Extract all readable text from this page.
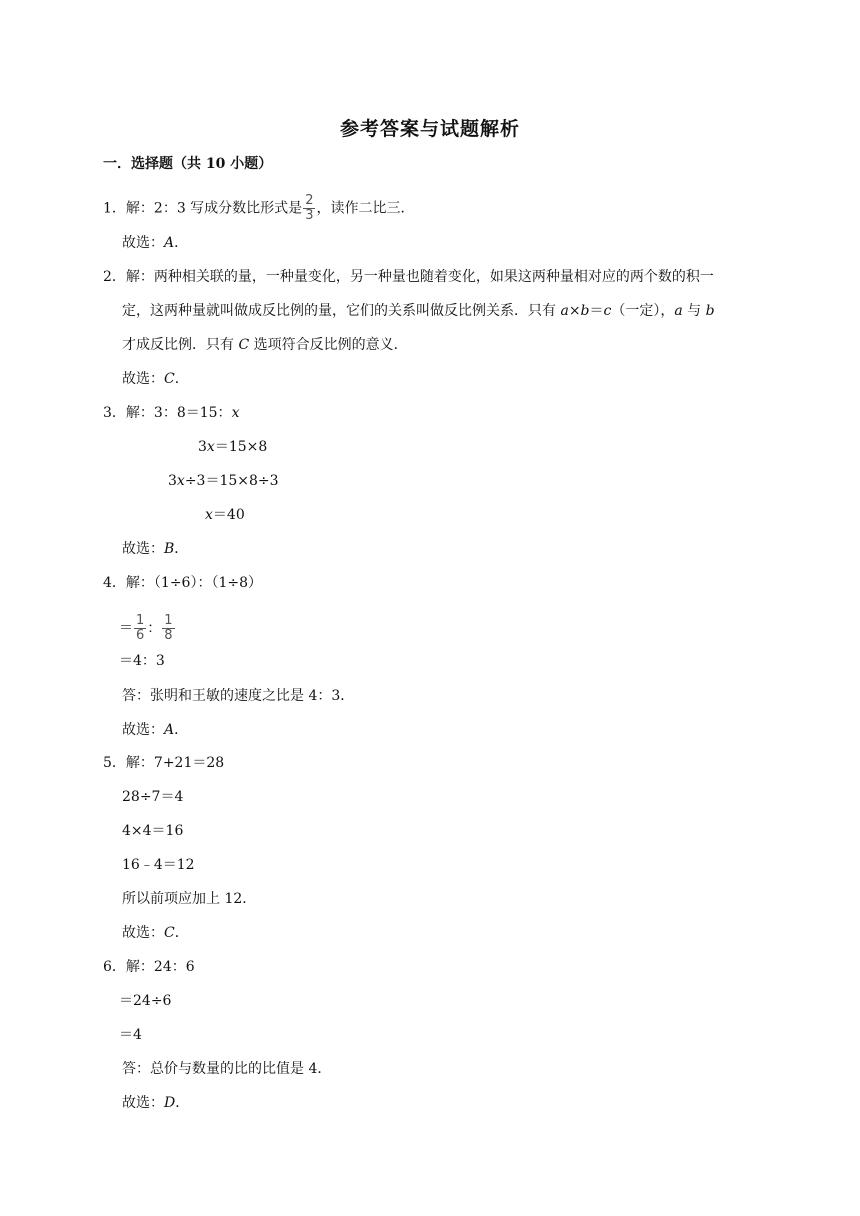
参考答案与试题解析
一．选择题（共 10 小题）
1．解：2：3 写成分数比形式是 $\frac{2}{3}$ ，读作二比三．
故选：A．
2．解：两种相关联的量，一种量变化，另一种量也随着变化，如果这两种量相对应的两个数的积一
定，这两种量就叫做成反比例的量，它们的关系叫做反比例关系．只有 a×b＝c（一定），a 与 b
才成反比例．只有 C 选项符合反比例的意义．
故选：C．
3．解：3：8＝15：x
3x＝15×8
3x÷3＝15×8÷3
x＝40
故选：B．
4．解：（1÷6）：（1÷8）
＝ $\frac{1}{6}$ ： $\frac{1}{8}$
＝4：3
答：张明和王敏的速度之比是 4：3．
故选：A．
5．解：7+21＝28
28÷7＝4
4×4＝16
16﹣4＝12
所以前项应加上 12．
故选：C．
6．解：24：6
＝24÷6
＝4
答：总价与数量的比的比值是 4．
故选：D．
